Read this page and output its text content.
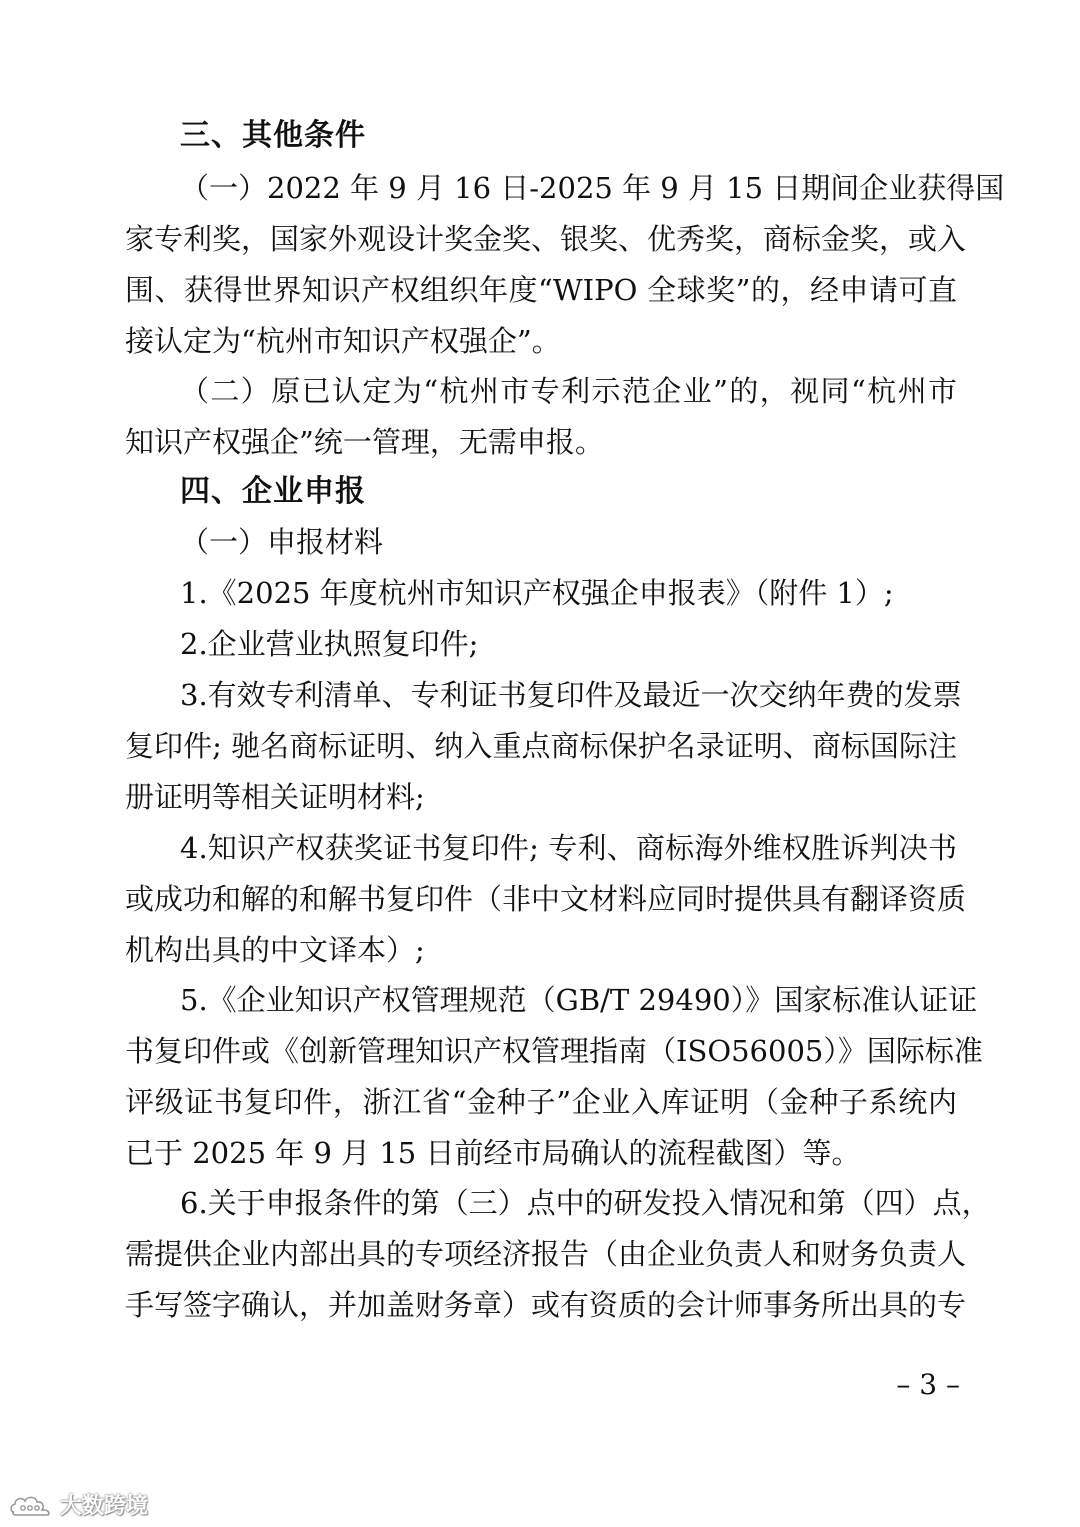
三、其他条件
（一）2022 年 9 月 16 日-2025 年 9 月 15 日期间企业获得国
家专利奖，国家外观设计奖金奖、银奖、优秀奖，商标金奖，或入
围、获得世界知识产权组织年度“WIPO 全球奖”的，经申请可直
接认定为“杭州市知识产权强企”。
（二）原已认定为“杭州市专利示范企业”的，视同“杭州市
知识产权强企”统一管理，无需申报。
四、企业申报
（一）申报材料
1.《2025 年度杭州市知识产权强企申报表》（附件 1）;
2.企业营业执照复印件;
3.有效专利清单、专利证书复印件及最近一次交纳年费的发票
复印件; 驰名商标证明、纳入重点商标保护名录证明、商标国际注
册证明等相关证明材料;
4.知识产权获奖证书复印件; 专利、商标海外维权胜诉判决书
或成功和解的和解书复印件（非中文材料应同时提供具有翻译资质
机构出具的中文译本）;
5.《企业知识产权管理规范（GB/T 29490）》国家标准认证证
书复印件或《创新管理知识产权管理指南（ISO56005）》国际标准
评级证书复印件，浙江省“金种子”企业入库证明（金种子系统内
已于 2025 年 9 月 15 日前经市局确认的流程截图）等。
6.关于申报条件的第（三）点中的研发投入情况和第（四）点，
需提供企业内部出具的专项经济报告（由企业负责人和财务负责人
手写签字确认，并加盖财务章）或有资质的会计师事务所出具的专
– 3 –
大数跨境
